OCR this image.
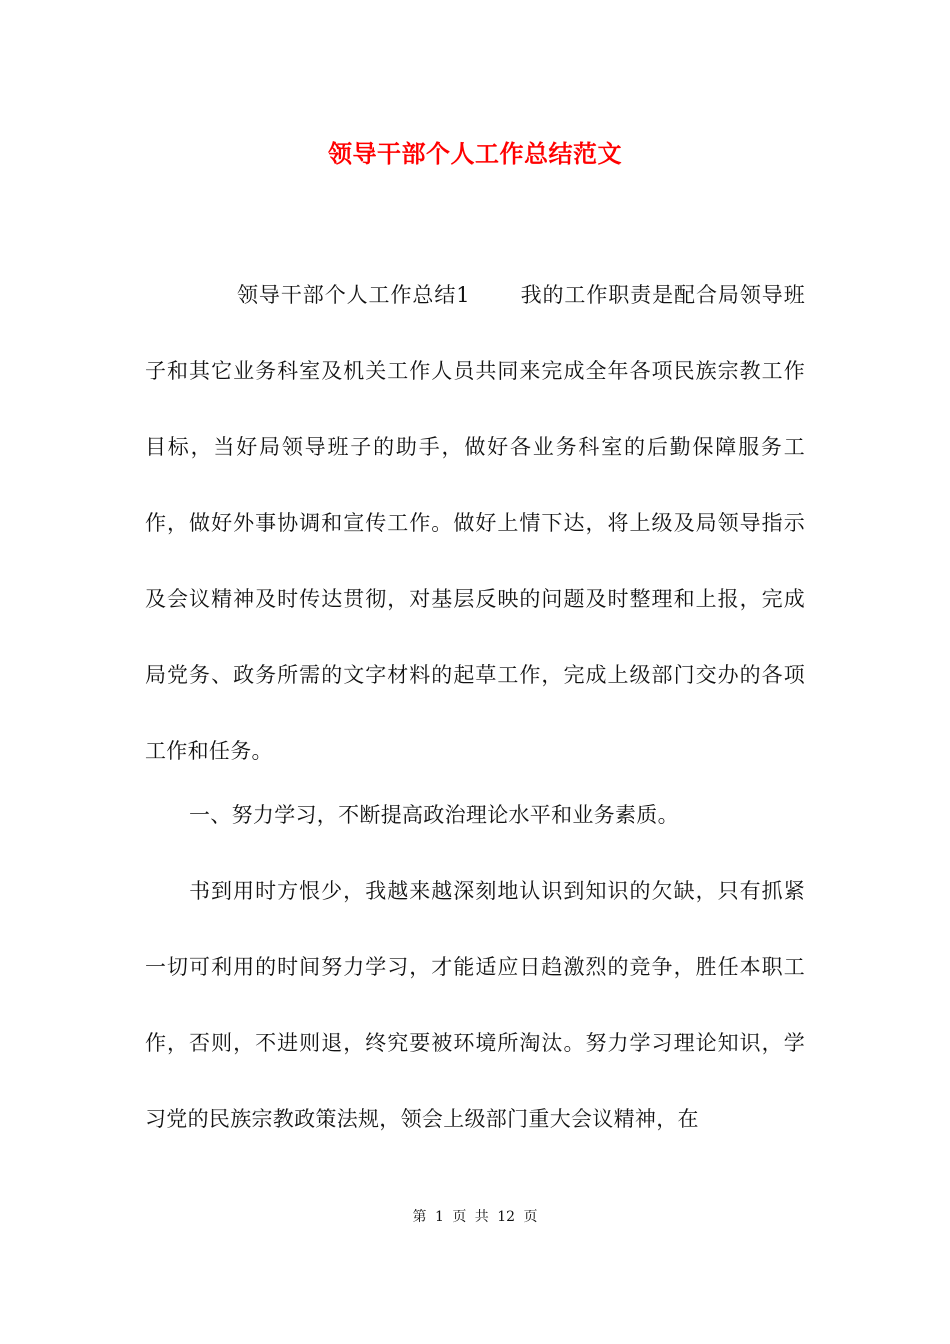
领导干部个人工作总结范文

领导干部个人工作总结1 我的工作职责是配合局领导班子和其它业务科室及机关工作人员共同来完成全年各项民族宗教工作目标，当好局领导班子的助手，做好各业务科室的后勤保障服务工作，做好外事协调和宣传工作。做好上情下达，将上级及局领导指示及会议精神及时传达贯彻，对基层反映的问题及时整理和上报，完成局党务、政务所需的文字材料的起草工作，完成上级部门交办的各项工作和任务。

一、努力学习，不断提高政治理论水平和业务素质。

书到用时方恨少，我越来越深刻地认识到知识的欠缺，只有抓紧一切可利用的时间努力学习，才能适应日趋激烈的竞争，胜任本职工作，否则，不进则退，终究要被环境所淘汰。努力学习理论知识，学习党的民族宗教政策法规，领会上级部门重大会议精神，在

第 1 页 共 12 页
